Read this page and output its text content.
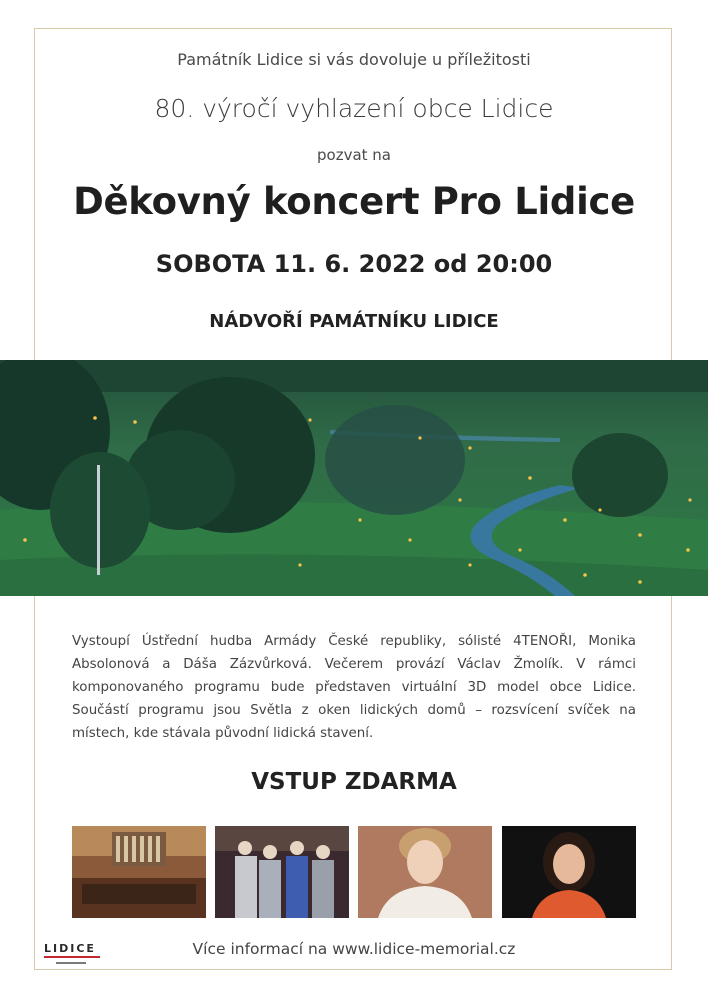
Památník Lidice si vás dovoluje u příležitosti
80. výročí vyhlazení obce Lidice
pozvat na
Děkovný koncert Pro Lidice
SOBOTA 11. 6. 2022 od 20:00
NÁDVOŘÍ PAMÁTNÍKU LIDICE
Vystoupí Ústřední hudba Armády České republiky, sólisté 4TENOŘI, Monika Absolonová a Dáša Zázvůrková. Večerem provází Václav Žmolík. V rámci komponovaného programu bude představen virtuální 3D model obce Lidice. Součástí programu jsou Světla z oken lidických domů – rozsvícení svíček na místech, kde stávala původní lidická stavení.
VSTUP ZDARMA
LIDICE	Více informací na www.lidice-memorial.cz
